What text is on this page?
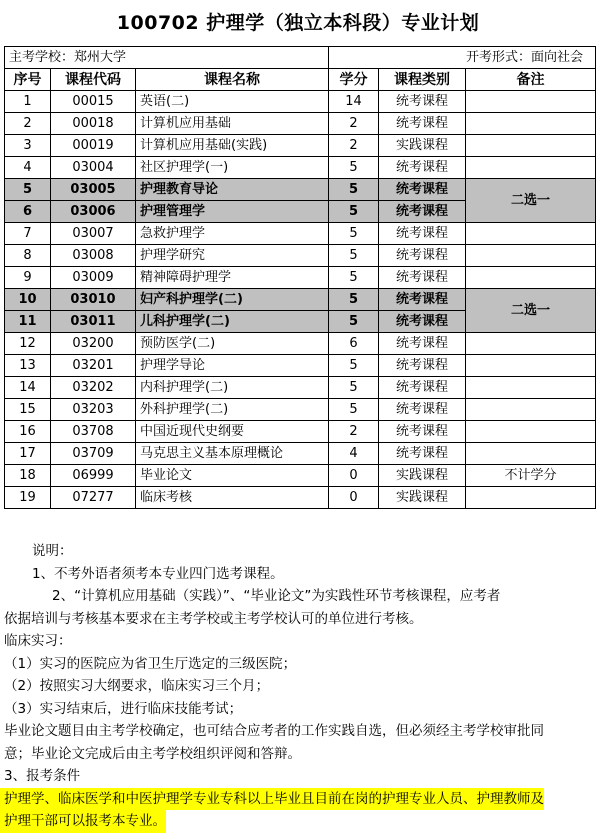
100702 护理学（独立本科段）专业计划
主考学校：郑州大学			开考形式：面向社会		
序号	课程代码	课程名称	学分	课程类别	备注
1	00015	英语(二)	14	统考课程	
2	00018	计算机应用基础	2	统考课程	
3	00019	计算机应用基础(实践)	2	实践课程	
4	03004	社区护理学(一)	5	统考课程	
5	03005	护理教育导论	5	统考课程	二选一
6	03006	护理管理学	5	统考课程	
7	03007	急救护理学	5	统考课程	
8	03008	护理学研究	5	统考课程	
9	03009	精神障碍护理学	5	统考课程	
10	03010	妇产科护理学(二)	5	统考课程	二选一
11	03011	儿科护理学(二)	5	统考课程	
12	03200	预防医学(二)	6	统考课程	
13	03201	护理学导论	5	统考课程	
14	03202	内科护理学(二)	5	统考课程	
15	03203	外科护理学(二)	5	统考课程	
16	03708	中国近现代史纲要	2	统考课程	
17	03709	马克思主义基本原理概论	4	统考课程	
18	06999	毕业论文	0	实践课程	不计学分
19	07277	临床考核	0	实践课程	
说明：
1、不考外语者须考本专业四门选考课程。
2、“计算机应用基础（实践）”、“毕业论文”为实践性环节考核课程，应考者
依据培训与考核基本要求在主考学校或主考学校认可的单位进行考核。
临床实习：
（1）实习的医院应为省卫生厅选定的三级医院；
（2）按照实习大纲要求，临床实习三个月；
（3）实习结束后，进行临床技能考试；
毕业论文题目由主考学校确定，也可结合应考者的工作实践自选，但必须经主考学校审批同
意；毕业论文完成后由主考学校组织评阅和答辩。
3、报考条件
护理学、临床医学和中医护理学专业专科以上毕业且目前在岗的护理专业人员、护理教师及
护理干部可以报考本专业。
